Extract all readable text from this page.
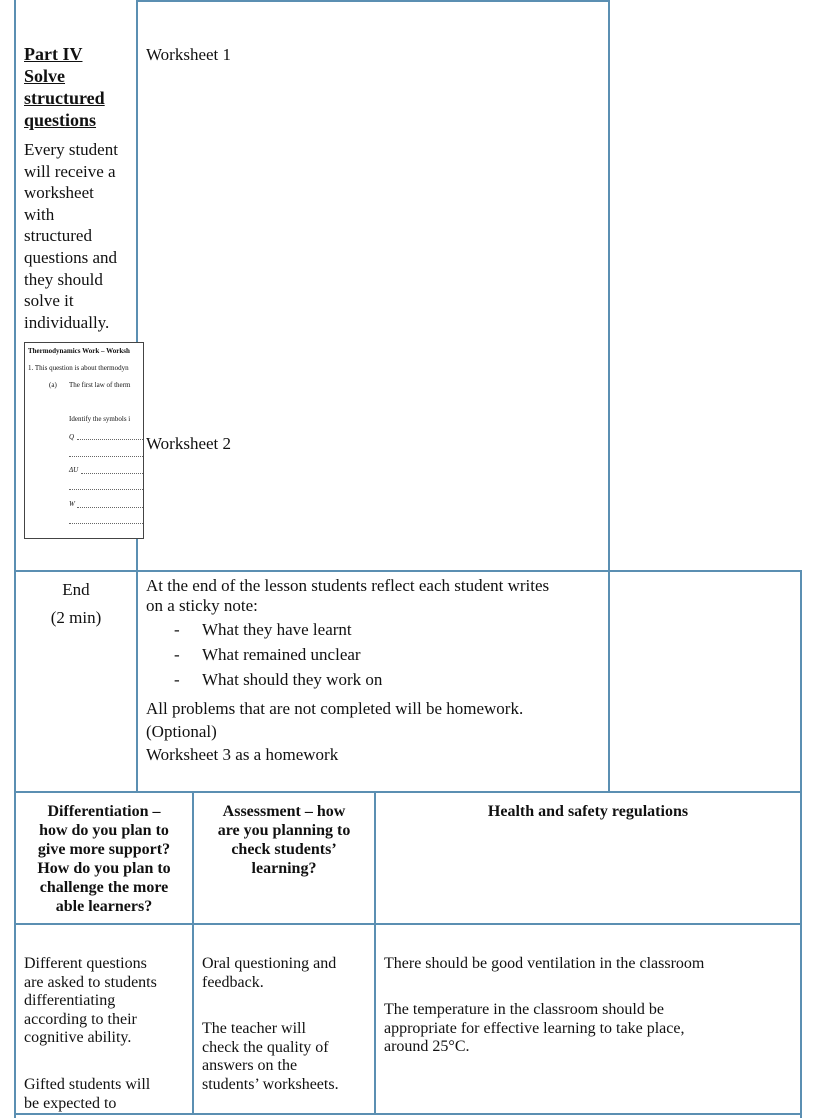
Part IV
Solve
structured
questions
Every student
will receive a
worksheet
with
structured
questions and
they should
solve it
individually.
Thermodynamics Work – Worksh
1. This question is about thermodyn
(a) The first law of therm
Identify the symbols i
Q
ΔU
W
Worksheet 1
Worksheet 2
End
(2 min)
At the end of the lesson students reflect each student writes
on a sticky note:
- What they have learnt
- What remained unclear
- What should they work on
All problems that are not completed will be homework.
(Optional)
Worksheet 3 as a homework
Differentiation –
how do you plan to
give more support?
How do you plan to
challenge the more
able learners?
Assessment – how
are you planning to
check students’
learning?
Health and safety regulations
Different questions
are asked to students
differentiating
according to their
cognitive ability.
Gifted students will
be expected to
Oral questioning and
feedback.
The teacher will
check the quality of
answers on the
students’ worksheets.
There should be good ventilation in the classroom
The temperature in the classroom should be
appropriate for effective learning to take place,
around 25°C.
